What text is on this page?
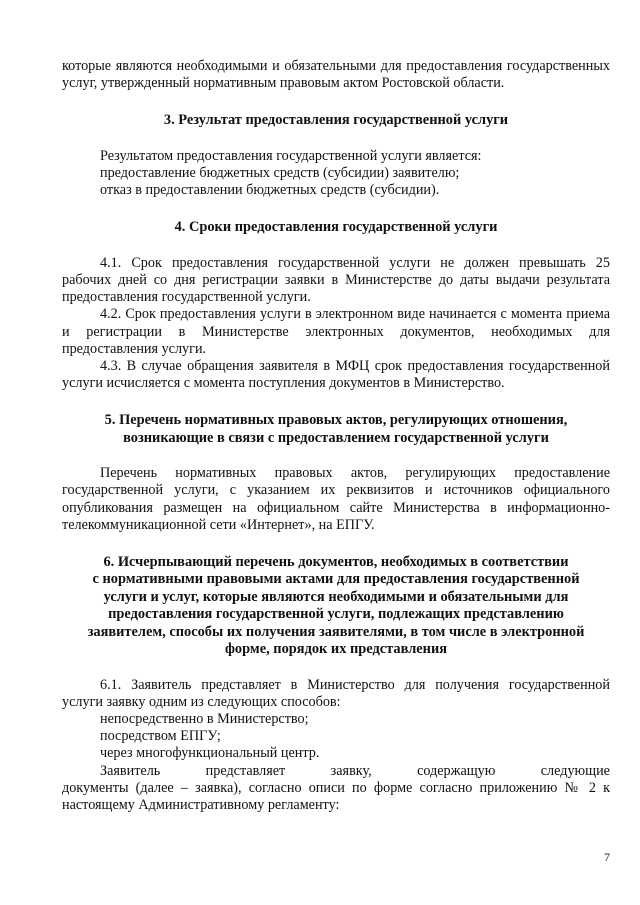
которые являются необходимыми и обязательными для предоставления государственных услуг, утвержденный нормативным правовым актом Ростовской области.

3. Результат предоставления государственной услуги

Результатом предоставления государственной услуги является:

предоставление бюджетных средств (субсидии) заявителю;

отказ в предоставлении бюджетных средств (субсидии).

4. Сроки предоставления государственной услуги

4.1. Срок предоставления государственной услуги не должен превышать 25 рабочих дней со дня регистрации заявки в Министерстве до даты выдачи результата предоставления государственной услуги.

4.2. Срок предоставления услуги в электронном виде начинается с момента приема и регистрации в Министерстве электронных документов, необходимых для предоставления услуги.

4.3. В случае обращения заявителя в МФЦ срок предоставления государственной услуги исчисляется с момента поступления документов в Министерство.

5. Перечень нормативных правовых актов, регулирующих отношения,

возникающие в связи с предоставлением государственной услуги

Перечень нормативных правовых актов, регулирующих предоставление государственной услуги, с указанием их реквизитов и источников официального опубликования размещен на официальном сайте Министерства в информационно-телекоммуникационной сети «Интернет», на ЕПГУ.

6. Исчерпывающий перечень документов, необходимых в соответствии

с нормативными правовыми актами для предоставления государственной

услуги и услуг, которые являются необходимыми и обязательными для

предоставления государственной услуги, подлежащих представлению

заявителем, способы их получения заявителями, в том числе в электронной

форме, порядок их представления

6.1. Заявитель представляет в Министерство для получения государственной услуги заявку одним из следующих способов:

непосредственно в Министерство;

посредством ЕПГУ;

через многофункциональный центр.

Заявитель	представляет	заявку,	содержащую	следующие

документы (далее – заявка), согласно описи по форме согласно приложению № 2 к настоящему Административному регламенту:

7
